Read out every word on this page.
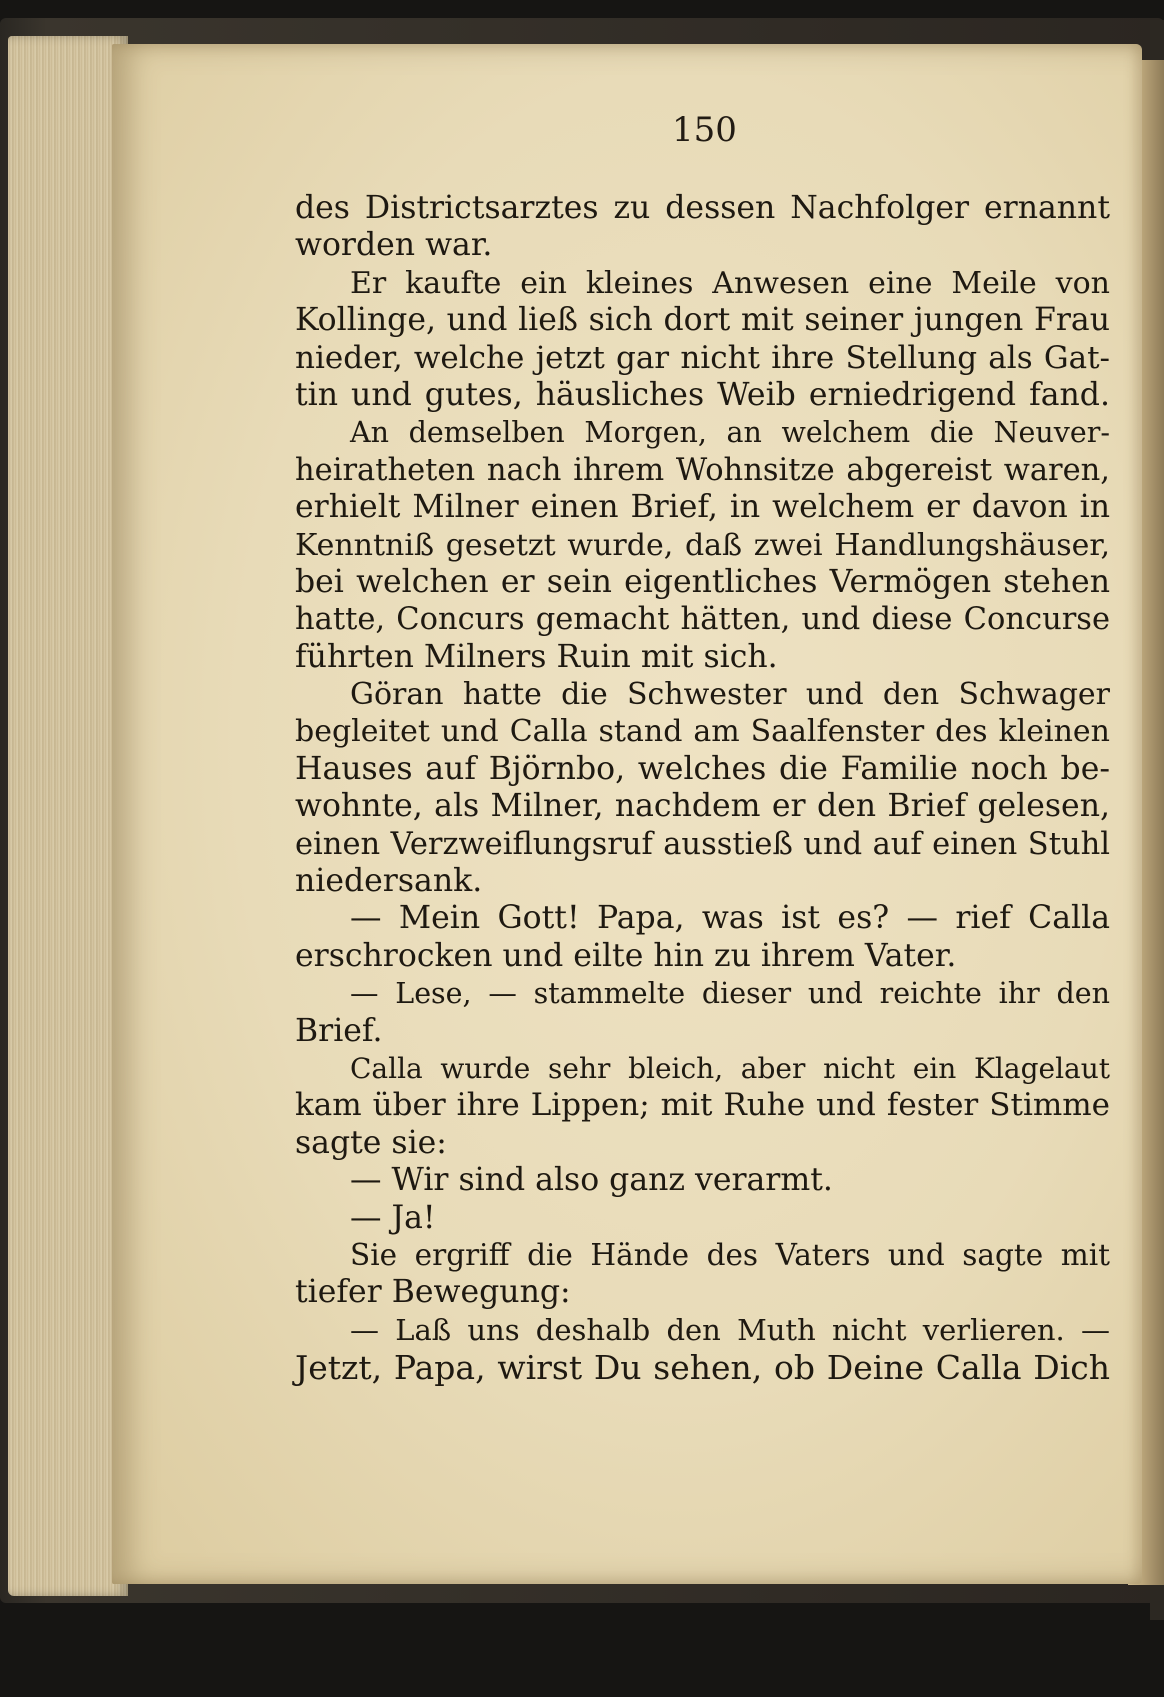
150
des Districtsarztes zu dessen Nachfolger ernannt
worden war.
Er kaufte ein kleines Anwesen eine Meile von
Kollinge, und ließ sich dort mit seiner jungen Frau
nieder, welche jetzt gar nicht ihre Stellung als Gat-
tin und gutes, häusliches Weib erniedrigend fand.
An demselben Morgen, an welchem die Neuver-
heiratheten nach ihrem Wohnsitze abgereist waren,
erhielt Milner einen Brief, in welchem er davon in
Kenntniß gesetzt wurde, daß zwei Handlungshäuser,
bei welchen er sein eigentliches Vermögen stehen
hatte, Concurs gemacht hätten, und diese Concurse
führten Milners Ruin mit sich.
Göran hatte die Schwester und den Schwager
begleitet und Calla stand am Saalfenster des kleinen
Hauses auf Björnbo, welches die Familie noch be-
wohnte, als Milner, nachdem er den Brief gelesen,
einen Verzweiflungsruf ausstieß und auf einen Stuhl
niedersank.
— Mein Gott! Papa, was ist es? — rief Calla
erschrocken und eilte hin zu ihrem Vater.
— Lese, — stammelte dieser und reichte ihr den
Brief.
Calla wurde sehr bleich, aber nicht ein Klagelaut
kam über ihre Lippen; mit Ruhe und fester Stimme
sagte sie:
— Wir sind also ganz verarmt.
— Ja!
Sie ergriff die Hände des Vaters und sagte mit
tiefer Bewegung:
— Laß uns deshalb den Muth nicht verlieren. —
Jetzt, Papa, wirst Du sehen, ob Deine Calla Dich
